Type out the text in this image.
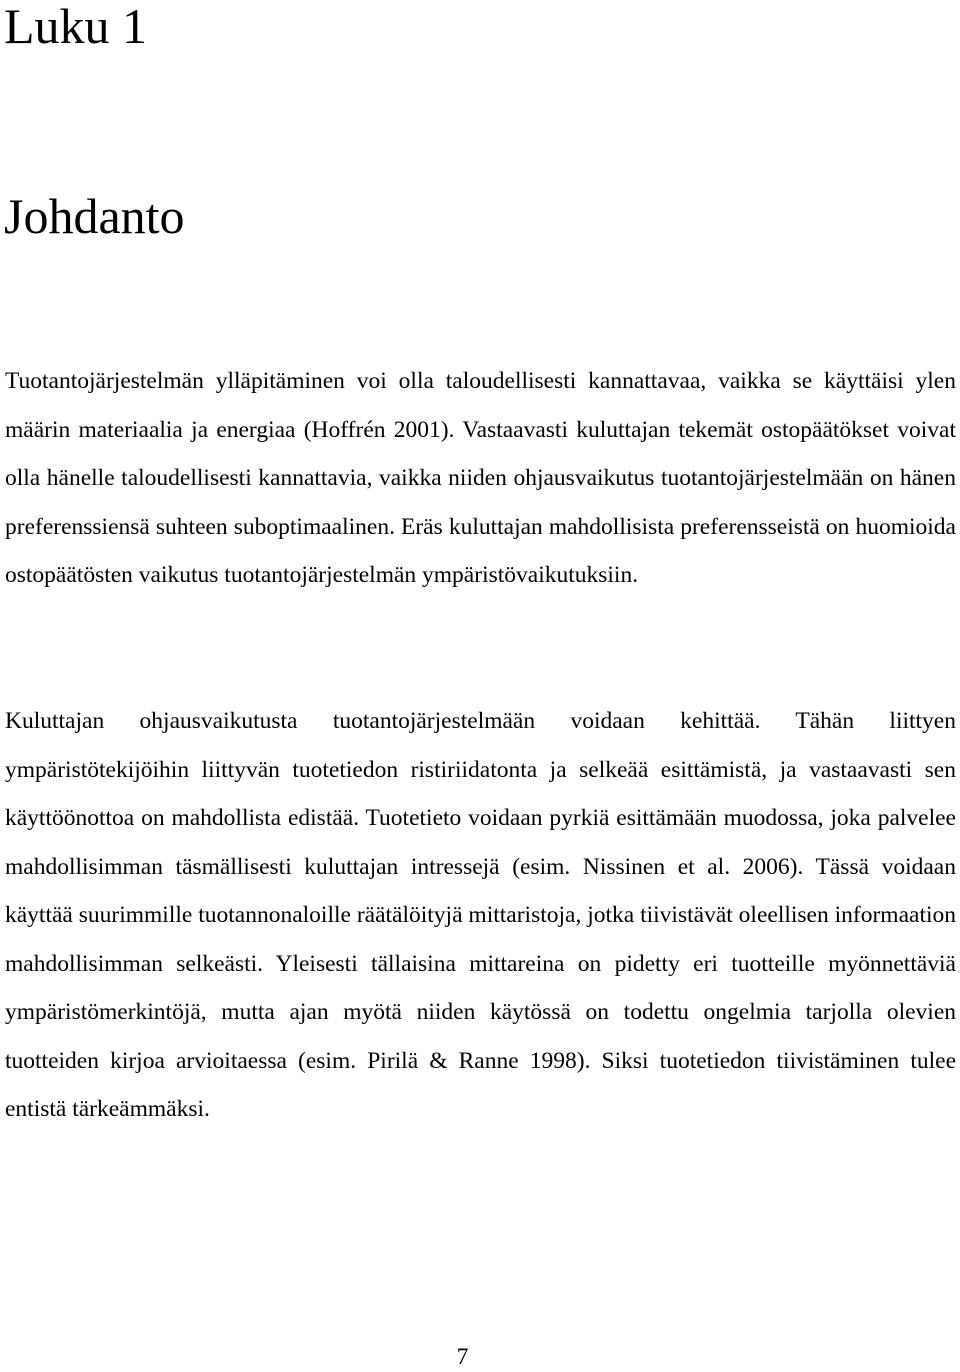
Luku 1
Johdanto

Tuotantojärjestelmän ylläpitäminen voi olla taloudellisesti kannattavaa, vaikka se käyttäisi ylen määrin materiaalia ja energiaa (Hoffrén 2001). Vastaavasti kuluttajan tekemät ostopäätökset voivat olla hänelle taloudellisesti kannattavia, vaikka niiden ohjausvaikutus tuotantojärjestelmään on hänen preferenssiensä suhteen suboptimaalinen. Eräs kuluttajan mahdollisista preferensseistä on huomioida ostopäätösten vaikutus tuotantojärjestelmän ympäristövaikutuksiin.

Kuluttajan ohjausvaikutusta tuotantojärjestelmään voidaan kehittää. Tähän liittyen ympäristötekijöihin liittyvän tuotetiedon ristiriidatonta ja selkeää esittämistä, ja vastaavasti sen käyttöönottoa on mahdollista edistää. Tuotetieto voidaan pyrkiä esittämään muodossa, joka palvelee mahdollisimman täsmällisesti kuluttajan intressejä (esim. Nissinen et al. 2006). Tässä voidaan käyttää suurimmille tuotannonaloille räätälöityjä mittaristoja, jotka tiivistävät oleellisen informaation mahdollisimman selkeästi. Yleisesti tällaisina mittareina on pidetty eri tuotteille myönnettäviä ympäristömerkintöjä, mutta ajan myötä niiden käytössä on todettu ongelmia tarjolla olevien tuotteiden kirjoa arvioitaessa (esim. Pirilä & Ranne 1998). Siksi tuotetiedon tiivistäminen tulee entistä tärkeämmäksi.

7
